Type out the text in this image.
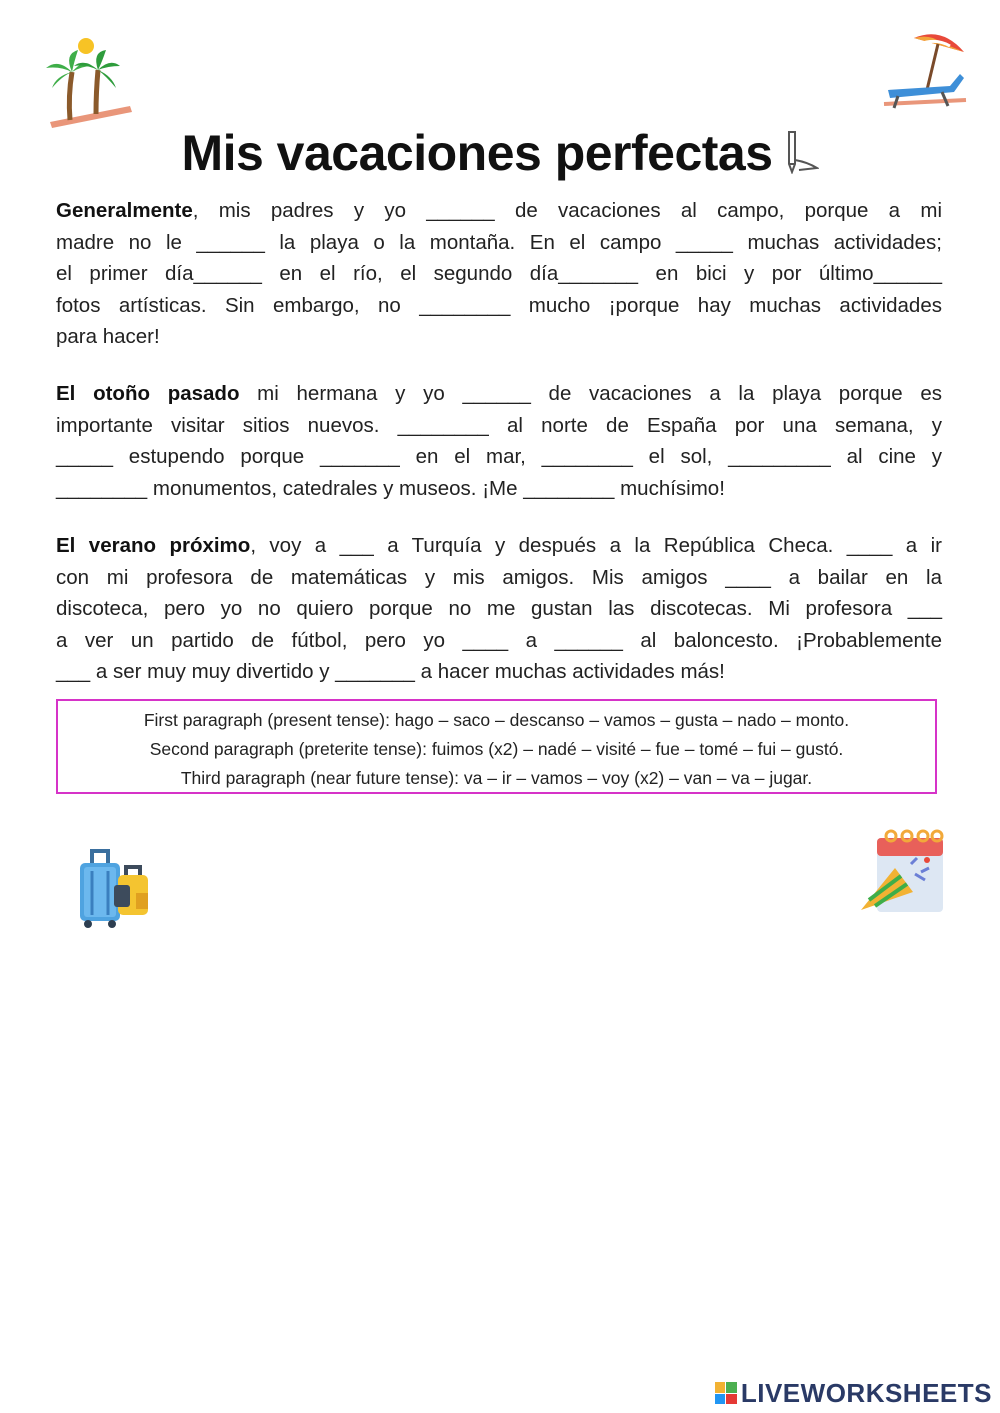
Mis vacaciones perfectas
Generalmente, mis padres y yo ______ de vacaciones al campo, porque a mi
madre no le ______ la playa o la montaña. En el campo _____ muchas actividades;
el primer día______ en el río, el segundo día_______ en bici y por último______
fotos artísticas. Sin embargo, no ________ mucho ¡porque hay muchas actividades
para hacer!
El otoño pasado mi hermana y yo ______ de vacaciones a la playa porque es
importante visitar sitios nuevos. ________ al norte de España por una semana, y
_____ estupendo porque _______ en el mar, ________ el sol, _________ al cine y
________ monumentos, catedrales y museos. ¡Me ________ muchísimo!
El verano próximo, voy a ___ a Turquía y después a la República Checa. ____ a ir
con mi profesora de matemáticas y mis amigos. Mis amigos ____ a bailar en la
discoteca, pero yo no quiero porque no me gustan las discotecas. Mi profesora ___
a ver un partido de fútbol, pero yo ____ a ______ al baloncesto. ¡Probablemente
___ a ser muy muy divertido y _______ a hacer muchas actividades más!
First paragraph (present tense): hago – saco – descanso – vamos – gusta – nado – monto.
Second paragraph (preterite tense): fuimos (x2) – nadé – visité – fue – tomé – fui – gustó.
Third paragraph (near future tense): va – ir – vamos – voy (x2) – van – va – jugar.
LIVEWORKSHEETS
